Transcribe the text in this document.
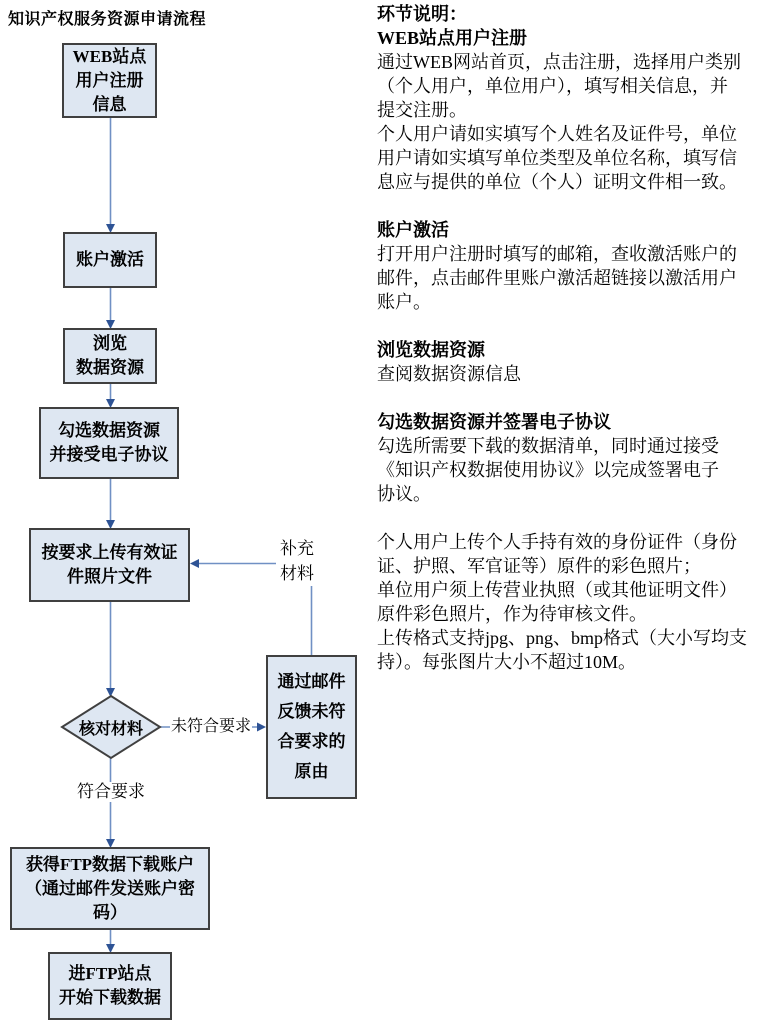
知识产权服务资源申请流程
WEB站点
用户注册
信息
账户激活
浏览
数据资源
勾选数据资源
并接受电子协议
按要求上传有效证
件照片文件
核对材料
通过邮件
反馈未符
合要求的
原由
获得FTP数据下载账户
（通过邮件发送账户密
码）
进FTP站点
开始下载数据
未符合要求
符合要求
补充
材料
环节说明：
WEB站点用户注册
通过WEB网站首页，点击注册，选择用户类别
（个人用户，单位用户），填写相关信息，并
提交注册。
个人用户请如实填写个人姓名及证件号，单位
用户请如实填写单位类型及单位名称，填写信
息应与提供的单位（个人）证明文件相一致。
账户激活
打开用户注册时填写的邮箱，查收激活账户的
邮件，点击邮件里账户激活超链接以激活用户
账户。
浏览数据资源
查阅数据资源信息
勾选数据资源并签署电子协议
勾选所需要下载的数据清单，同时通过接受
《知识产权数据使用协议》以完成签署电子
协议。
个人用户上传个人手持有效的身份证件（身份
证、护照、军官证等）原件的彩色照片；
单位用户须上传营业执照（或其他证明文件）
原件彩色照片，作为待审核文件。
上传格式支持jpg、png、bmp格式（大小写均支
持）。每张图片大小不超过10M。
